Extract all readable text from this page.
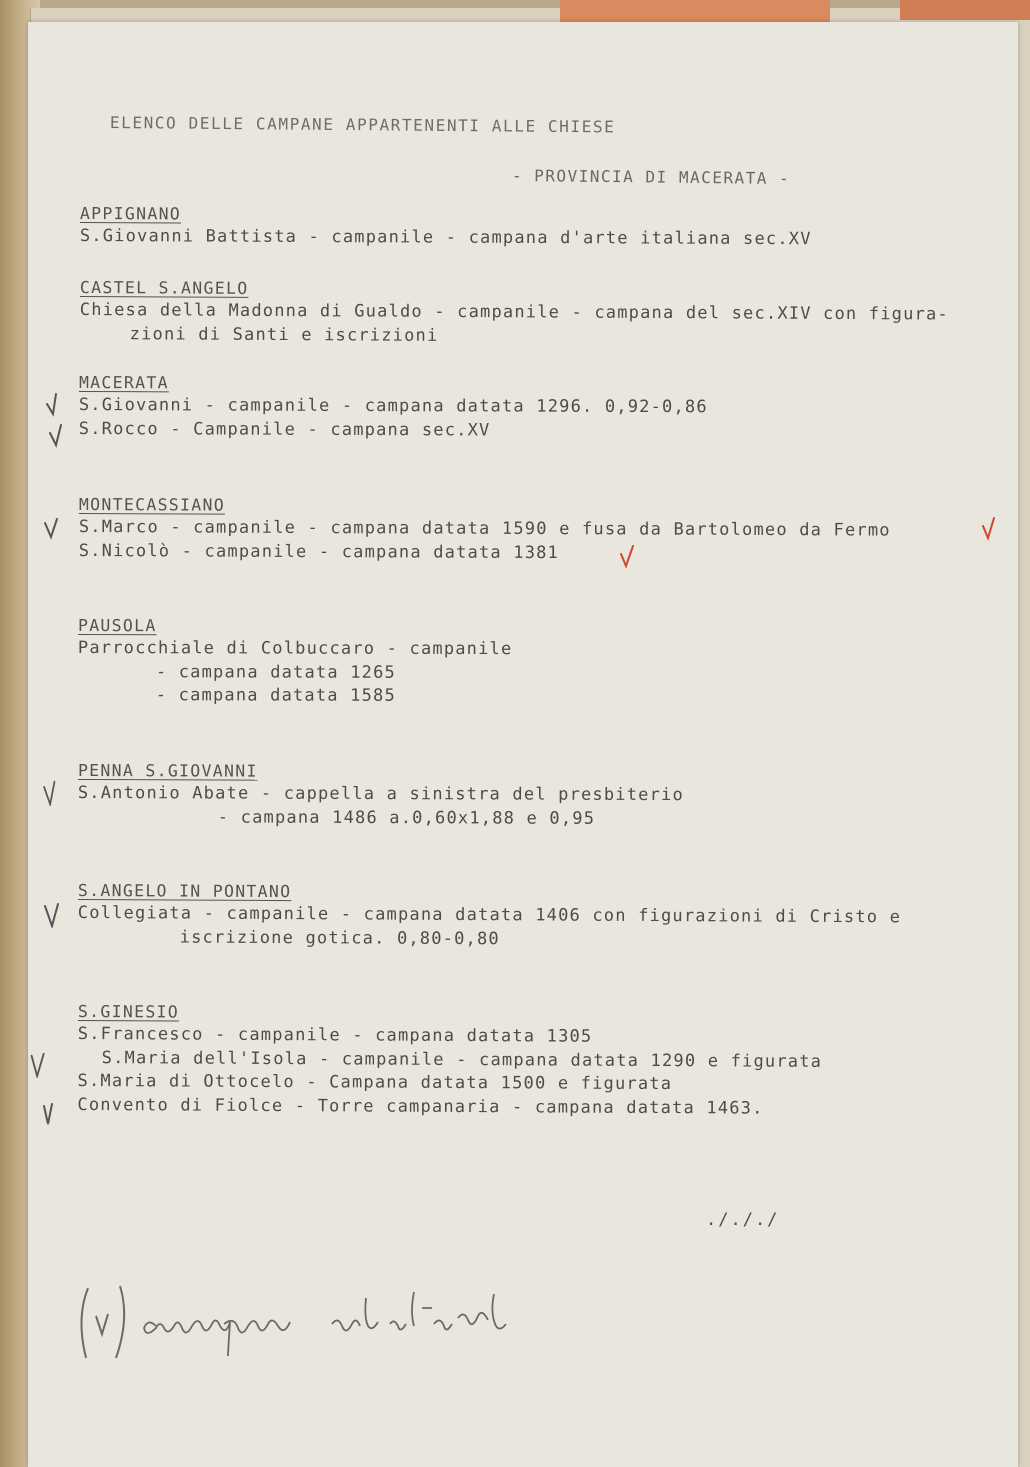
ELENCO DELLE CAMPANE APPARTENENTI ALLE CHIESE
- PROVINCIA DI MACERATA -
APPIGNANO
S.Giovanni Battista - campanile - campana d'arte italiana sec.XV
CASTEL S.ANGELO
Chiesa della Madonna di Gualdo - campanile - campana del sec.XIV con figura-
zioni di Santi e iscrizioni
MACERATA
S.Giovanni - campanile - campana datata 1296. 0,92-0,86
S.Rocco - Campanile - campana sec.XV
MONTECASSIANO
S.Marco - campanile - campana datata 1590 e fusa da Bartolomeo da Fermo
S.Nicolò - campanile - campana datata 1381
PAUSOLA
Parrocchiale di Colbuccaro - campanile
- campana datata 1265
- campana datata 1585
PENNA S.GIOVANNI
S.Antonio Abate - cappella a sinistra del presbiterio
- campana 1486 a.0,60x1,88 e 0,95
S.ANGELO IN PONTANO
Collegiata - campanile - campana datata 1406 con figurazioni di Cristo e
iscrizione gotica. 0,80-0,80
S.GINESIO
S.Francesco - campanile - campana datata 1305
S.Maria dell'Isola - campanile - campana datata 1290 e figurata
S.Maria di Ottocelo - Campana datata 1500 e figurata
Convento di Fiolce - Torre campanaria - campana datata 1463.
./././
